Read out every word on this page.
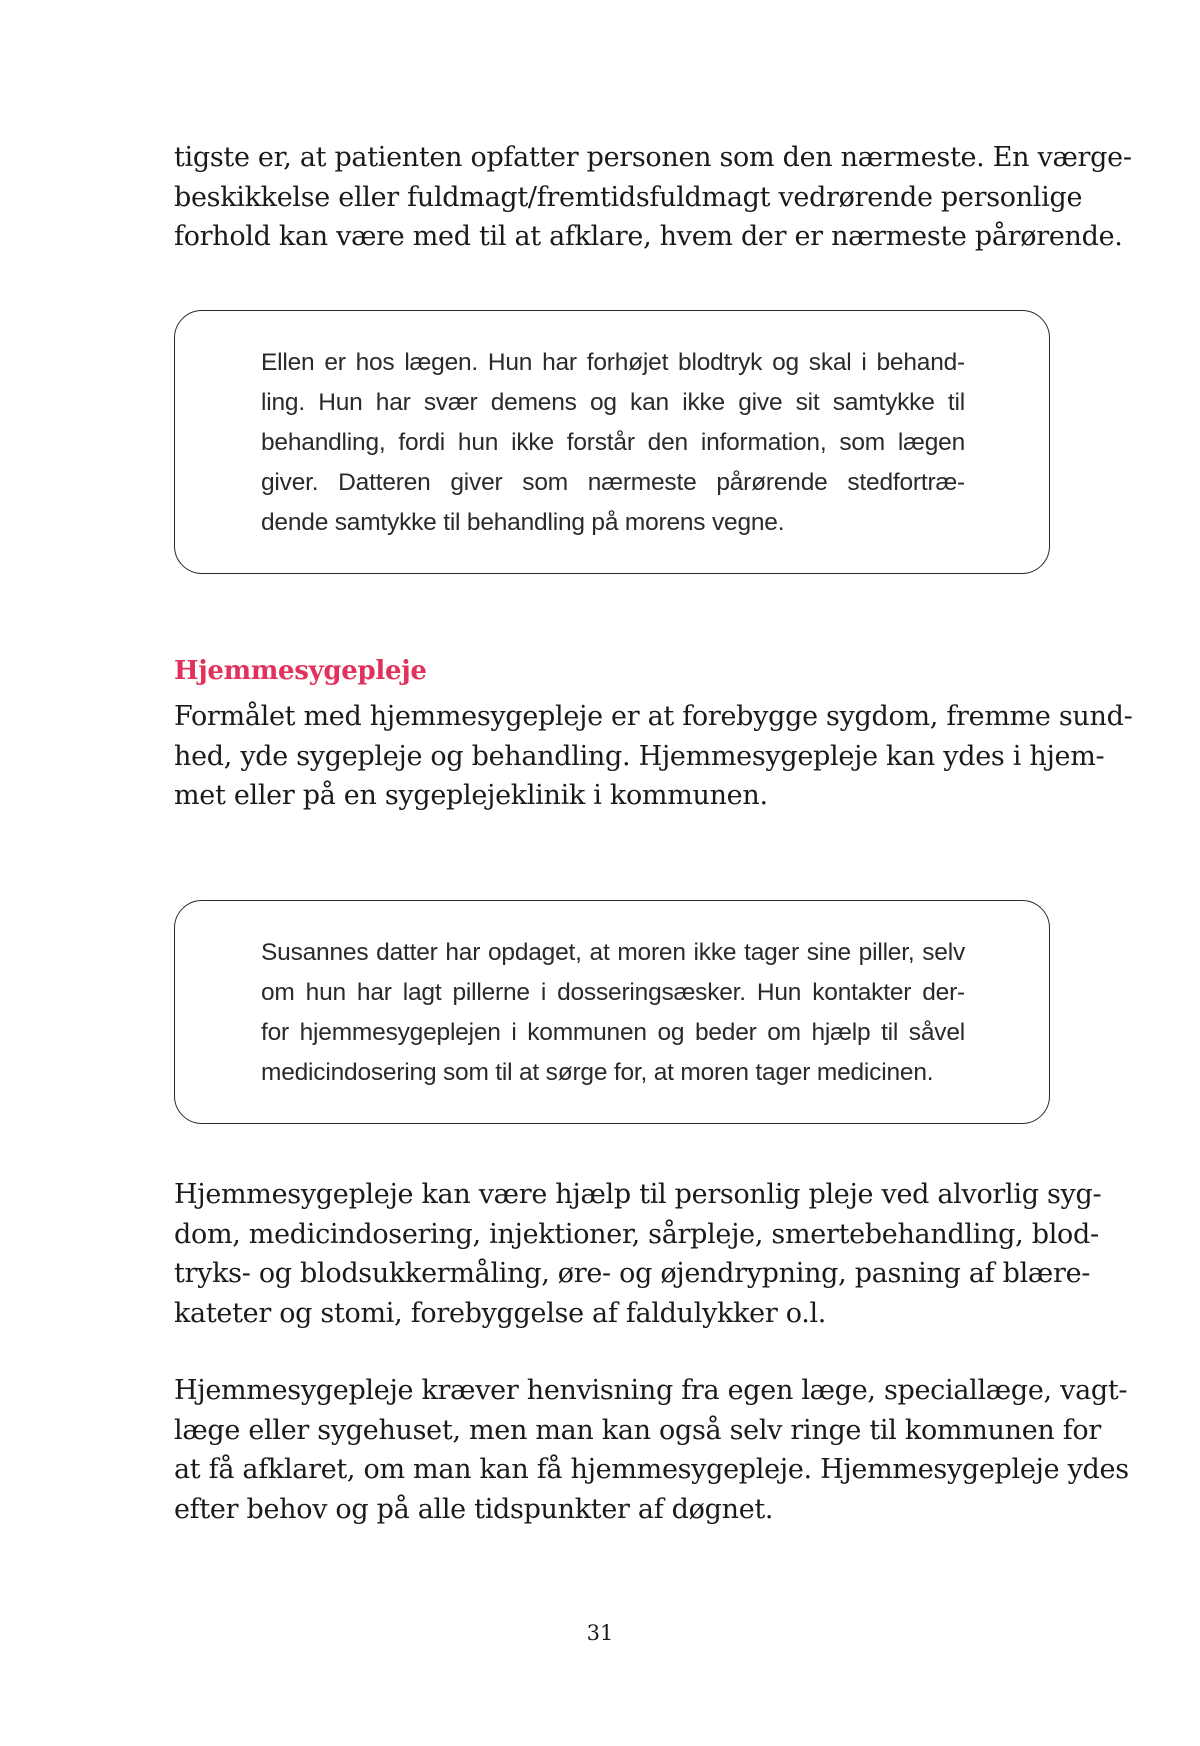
tigste er, at patienten opfatter personen som den nærmeste. En værge-
beskikkelse eller fuldmagt/fremtidsfuldmagt vedrørende personlige
forhold kan være med til at afklare, hvem der er nærmeste pårørende.

Ellen er hos lægen. Hun har forhøjet blodtryk og skal i behand-
ling. Hun har svær demens og kan ikke give sit samtykke til
behandling, fordi hun ikke forstår den information, som lægen
giver. Datteren giver som nærmeste pårørende stedfortræ-
dende samtykke til behandling på morens vegne.

Hjemmesygepleje

Formålet med hjemmesygepleje er at forebygge sygdom, fremme sund-
hed, yde sygepleje og behandling. Hjemmesygepleje kan ydes i hjem-
met eller på en sygeplejeklinik i kommunen.

Susannes datter har opdaget, at moren ikke tager sine piller, selv
om hun har lagt pillerne i dosseringsæsker. Hun kontakter der-
for hjemmesygeplejen i kommunen og beder om hjælp til såvel
medicindosering som til at sørge for, at moren tager medicinen.

Hjemmesygepleje kan være hjælp til personlig pleje ved alvorlig syg-
dom, medicindosering, injektioner, sårpleje, smertebehandling, blod-
tryks- og blodsukkermåling, øre- og øjendrypning, pasning af blære-
kateter og stomi, forebyggelse af faldulykker o.l.

Hjemmesygepleje kræver henvisning fra egen læge, speciallæge, vagt-
læge eller sygehuset, men man kan også selv ringe til kommunen for
at få afklaret, om man kan få hjemmesygepleje. Hjemmesygepleje ydes
efter behov og på alle tidspunkter af døgnet.

31
